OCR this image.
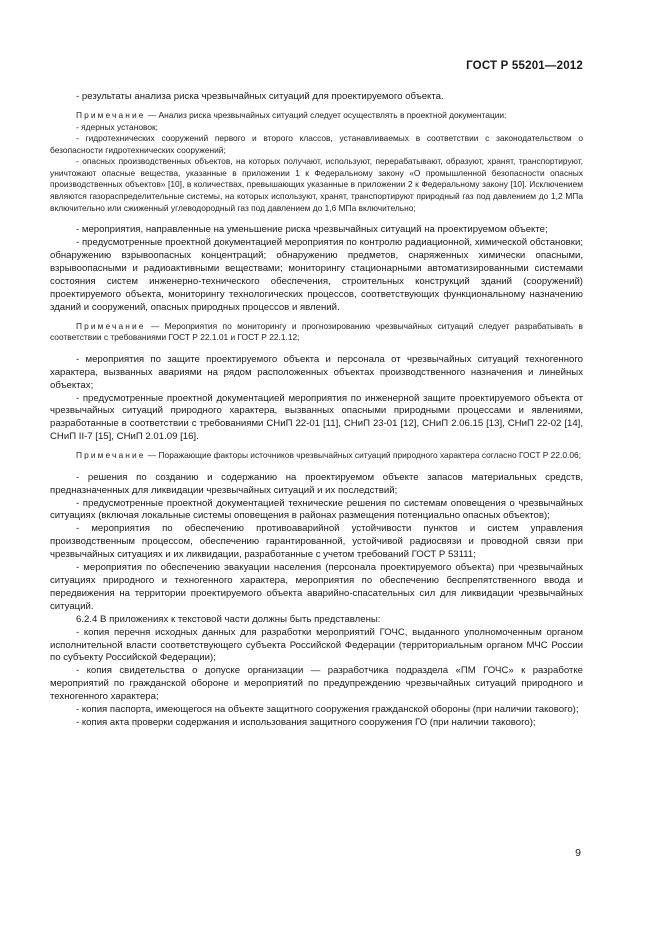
ГОСТ Р 55201—2012

- результаты анализа риска чрезвычайных ситуаций для проектируемого объекта.

Примечание — Анализ риска чрезвычайных ситуаций следует осуществлять в проектной документации:

- ядерных установок;

- гидротехнических сооружений первого и второго классов, устанавливаемых в соответствии с законодательством о безопасности гидротехнических сооружений;

- опасных производственных объектов, на которых получают, используют, перерабатывают, образуют, хранят, транспортируют, уничтожают опасные вещества, указанные в приложении 1 к Федеральному закону «О промышленной безопасности опасных производственных объектов» [10], в количествах, превышающих указанные в приложении 2 к Федеральному закону [10]. Исключением являются газораспределительные системы, на которых используют, хранят, транспортируют природный газ под давлением до 1,2 МПа включительно или сжиженный углеводородный газ под давлением до 1,6 МПа включительно;

- мероприятия, направленные на уменьшение риска чрезвычайных ситуаций на проектируемом объекте;

- предусмотренные проектной документацией мероприятия по контролю радиационной, химической обстановки; обнаружению взрывоопасных концентраций; обнаружению предметов, снаряженных химически опасными, взрывоопасными и радиоактивными веществами; мониторингу стационарными автоматизированными системами состояния систем инженерно-технического обеспечения, строительных конструкций зданий (сооружений) проектируемого объекта, мониторингу технологических процессов, соответствующих функциональному назначению зданий и сооружений, опасных природных процессов и явлений.

Примечание — Мероприятия по мониторингу и прогнозированию чрезвычайных ситуаций следует разрабатывать в соответствии с требованиями ГОСТ Р 22.1.01 и ГОСТ Р 22.1.12;

- мероприятия по защите проектируемого объекта и персонала от чрезвычайных ситуаций техногенного характера, вызванных авариями на рядом расположенных объектах производственного назначения и линейных объектах;

- предусмотренные проектной документацией мероприятия по инженерной защите проектируемого объекта от чрезвычайных ситуаций природного характера, вызванных опасными природными процессами и явлениями, разработанные в соответствии с требованиями СНиП 22-01 [11], СНиП 23-01 [12], СНиП 2.06.15 [13], СНиП 22-02 [14], СНиП II-7 [15], СНиП 2.01.09 [16].

Примечание — Поражающие факторы источников чрезвычайных ситуаций природного характера согласно ГОСТ Р 22.0.06;

- решения по созданию и содержанию на проектируемом объекте запасов материальных средств, предназначенных для ликвидации чрезвычайных ситуаций и их последствий;

- предусмотренные проектной документацией технические решения по системам оповещения о чрезвычайных ситуациях (включая локальные системы оповещения в районах размещения потенциально опасных объектов);

- мероприятия по обеспечению противоаварийной устойчивости пунктов и систем управления производственным процессом, обеспечению гарантированной, устойчивой радиосвязи и проводной связи при чрезвычайных ситуациях и их ликвидации, разработанные с учетом требований ГОСТ Р 53111;

- мероприятия по обеспечению эвакуации населения (персонала проектируемого объекта) при чрезвычайных ситуациях природного и техногенного характера, мероприятия по обеспечению беспрепятственного ввода и передвижения на территории проектируемого объекта аварийно-спасательных сил для ликвидации чрезвычайных ситуаций.

6.2.4 В приложениях к текстовой части должны быть представлены:

- копия перечня исходных данных для разработки мероприятий ГОЧС, выданного уполномоченным органом исполнительной власти соответствующего субъекта Российской Федерации (территориальным органом МЧС России по субъекту Российской Федерации);

- копия свидетельства о допуске организации — разработчика подраздела «ПМ ГОЧС» к разработке мероприятий по гражданской обороне и мероприятий по предупреждению чрезвычайных ситуаций природного и техногенного характера;

- копия паспорта, имеющегося на объекте защитного сооружения гражданской обороны (при наличии такового);

- копия акта проверки содержания и использования защитного сооружения ГО (при наличии такового);

9
